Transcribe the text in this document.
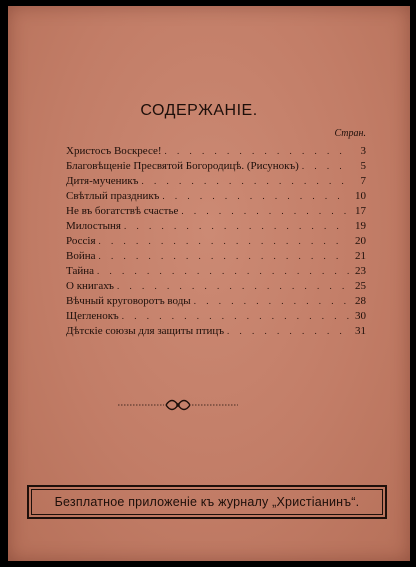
СОДЕРЖАНІЕ.
Стран.
Христосъ Воскресе! . . .	3
Благовѣщеніе Пресвятой Богородицѣ. (Рисунокъ) . . .	5
Дитя-мученикъ . . .	7
Свѣтлый праздникъ . . .	10
Не въ богатствѣ счастье . . .	17
Милостыня . . .	19
Россія . . .	20
Война . . .	21
Тайна . . .	23
О книгахъ . . .	25
Вѣчный круговоротъ воды . . .	28
Щегленокъ . . .	30
Дѣтскіе союзы для защиты птицъ . . .	31
Безплатное приложеніе къ журналу „Христіанинъ“.
